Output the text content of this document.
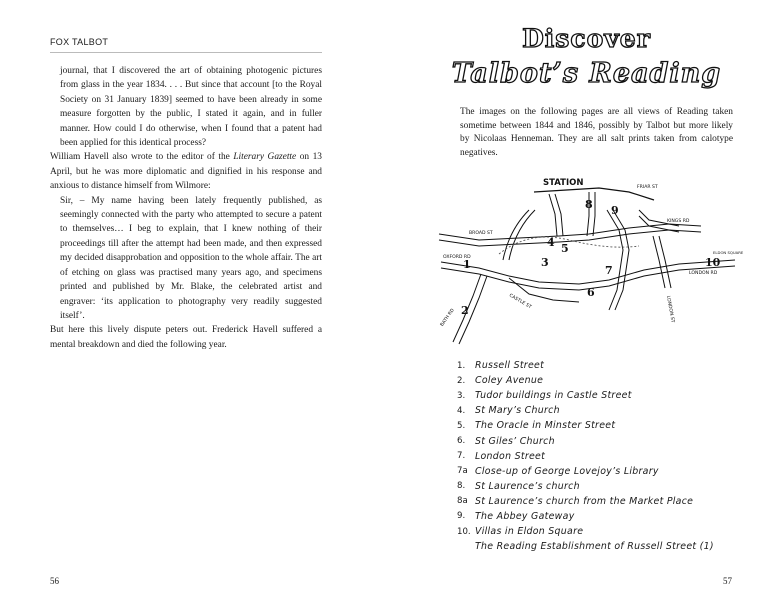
FOX TALBOT

journal, that I discovered the art of obtaining photogenic pictures from glass in the year 1834. . . . But since that account [to the Royal Society on 31 January 1839] seemed to have been already in some measure forgotten by the public, I stated it again, and in fuller manner. How could I do otherwise, when I found that a patent had been applied for this identical process?

William Havell also wrote to the editor of the Literary Gazette on 13 April, but he was more diplomatic and dignified in his response and anxious to distance himself from Wilmore:

Sir, – My name having been lately frequently published, as seemingly connected with the party who attempted to secure a patent to themselves… I beg to explain, that I knew nothing of their proceedings till after the attempt had been made, and then expressed my decided disapprobation and opposition to the whole affair. The art of etching on glass was practised many years ago, and specimens printed and published by Mr. Blake, the celebrated artist and engraver: ‘its application to photography very readily suggested itself’.

But here this lively dispute peters out. Frederick Havell suffered a mental breakdown and died the following year.

56
Discover
Talbot’s Reading

The images on the following pages are all views of Reading taken sometime between 1844 and 1846, possibly by Talbot but more likely by Nicolaas Henneman. They are all salt prints taken from calotype negatives.

STATION	FRIAR ST
KINGS RD
BROAD ST
OXFORD RD
BATH RD	LONDON ST
ELDON SQUARE
LONDON RD
CASTLE ST
1
2
3
4 5
6
7
8 9
10
1.	Russell Street
2.	Coley Avenue
3.	Tudor buildings in Castle Street
4.	St Mary’s Church
5.	The Oracle in Minster Street
6.	St Giles’ Church
7.	London Street
7a Close-up of George Lovejoy’s Library
8.	St Laurence’s church
8a St Laurence’s church from the Market Place
9.	The Abbey Gateway
10. Villas in Eldon Square
The Reading Establishment of Russell Street (1)
57
